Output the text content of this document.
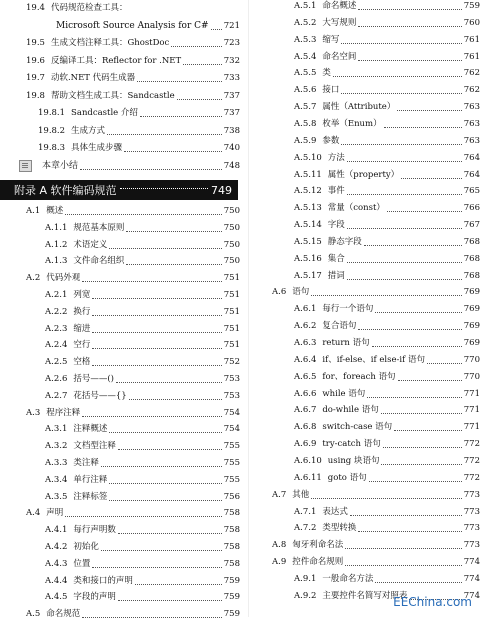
19.4 代码规范检查工具：
Microsoft Source Analysis for C# 721
19.5 生成文档注释工具：GhostDoc	723
19.6 反编译工具：Reflector for .NET	732
19.7 动软.NET 代码生成器	733
19.8 帮助文档生成工具：Sandcastle	737
19.8.1 Sandcastle 介绍	737
19.8.2 生成方式	738
19.8.3 具体生成步骤	740
本章小结	748
A.1 概述	750
A.1.1 规范基本原则	750
A.1.2 术语定义	750
A.1.3 文件命名组织	750
A.2 代码外观	751
A.2.1 列宽	751
A.2.2 换行	751
A.2.3 缩进	751
A.2.4 空行	751
A.2.5 空格	752
A.2.6 括号——()	753
A.2.7 花括号——{}	753
A.3 程序注释	754
A.3.1 注释概述	754
A.3.2 文档型注释	755
A.3.3 类注释	755
A.3.4 单行注释	755
A.3.5 注释标签	756
A.4 声明	758
A.4.1 每行声明数	758
A.4.2 初始化	758
A.4.3 位置	758
A.4.4 类和接口的声明	759
A.4.5 字段的声明	759
A.5 命名规范	759
A.5.1 命名概述	759
A.5.2 大写规则	760
A.5.3 缩写	761
A.5.4 命名空间	761
A.5.5 类	762
A.5.6 接口	762
A.5.7 属性（Attribute）	763
A.5.8 枚举（Enum）	763
A.5.9 参数	763
A.5.10 方法	764
A.5.11 属性（property）	764
A.5.12 事件	765
A.5.13 常量（const）	766
A.5.14 字段	767
A.5.15 静态字段	768
A.5.16 集合	768
A.5.17 措词	768
A.6 语句	769
A.6.1 每行一个语句	769
A.6.2 复合语句	769
A.6.3 return 语句	769
A.6.4 if、if-else、if else-if 语句	770
A.6.5 for、foreach 语句	770
A.6.6 while 语句	771
A.6.7 do-while 语句	771
A.6.8 switch-case 语句	771
A.6.9 try-catch 语句	772
A.6.10 using 块语句	772
A.6.11 goto 语句	772
A.7 其他	773
A.7.1 表达式	773
A.7.2 类型转换	773
A.8 匈牙利命名法	773
A.9 控件命名规则	774
A.9.1 一般命名方法	774
A.9.2 主要控件名简写对照表	774
附录 A 软件编码规范	749
EEChina.com
